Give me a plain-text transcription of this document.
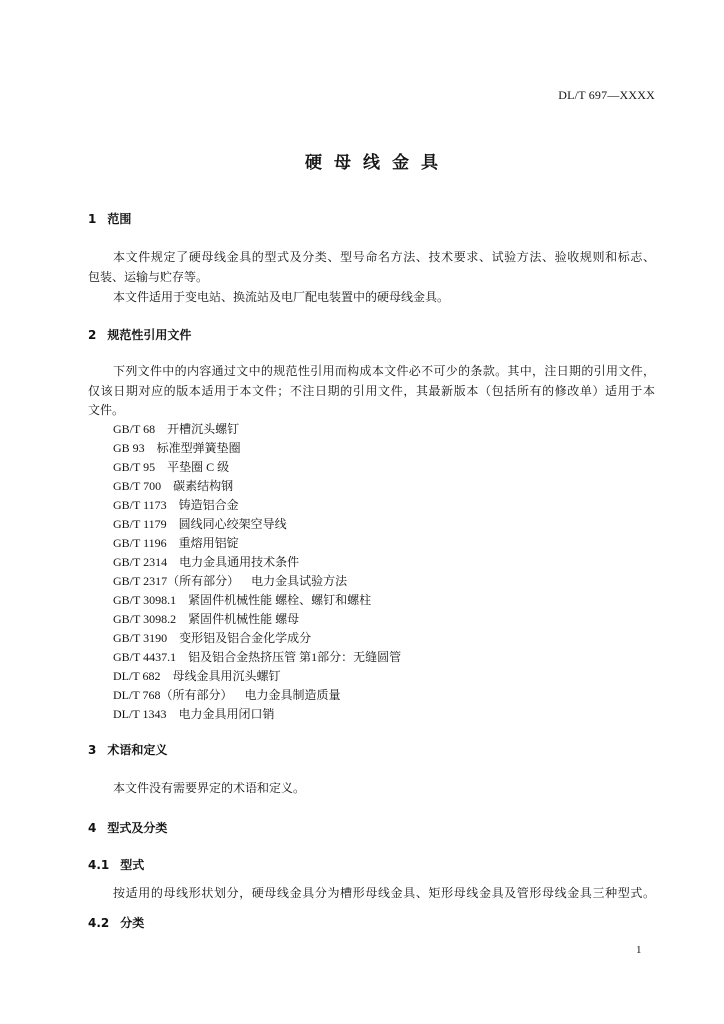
DL/T 697—XXXX
硬母线金具
1 范围
本文件规定了硬母线金具的型式及分类、型号命名方法、技术要求、试验方法、验收规则和标志、
包装、运输与贮存等。
本文件适用于变电站、换流站及电厂配电装置中的硬母线金具。
2 规范性引用文件
下列文件中的内容通过文中的规范性引用而构成本文件必不可少的条款。其中，注日期的引用文件，
仅该日期对应的版本适用于本文件；不注日期的引用文件，其最新版本（包括所有的修改单）适用于本
文件。
GB/T 68 开槽沉头螺钉
GB 93 标准型弹簧垫圈
GB/T 95 平垫圈 C 级
GB/T 700 碳素结构钢
GB/T 1173 铸造铝合金
GB/T 1179 圆线同心绞架空导线
GB/T 1196 重熔用铝锭
GB/T 2314 电力金具通用技术条件
GB/T 2317（所有部分） 电力金具试验方法
GB/T 3098.1 紧固件机械性能 螺栓、螺钉和螺柱
GB/T 3098.2 紧固件机械性能 螺母
GB/T 3190 变形铝及铝合金化学成分
GB/T 4437.1 铝及铝合金热挤压管 第1部分：无缝圆管
DL/T 682 母线金具用沉头螺钉
DL/T 768（所有部分） 电力金具制造质量
DL/T 1343 电力金具用闭口销
3 术语和定义
本文件没有需要界定的术语和定义。
4 型式及分类
4.1 型式
按适用的母线形状划分，硬母线金具分为槽形母线金具、矩形母线金具及管形母线金具三种型式。
4.2 分类
1
